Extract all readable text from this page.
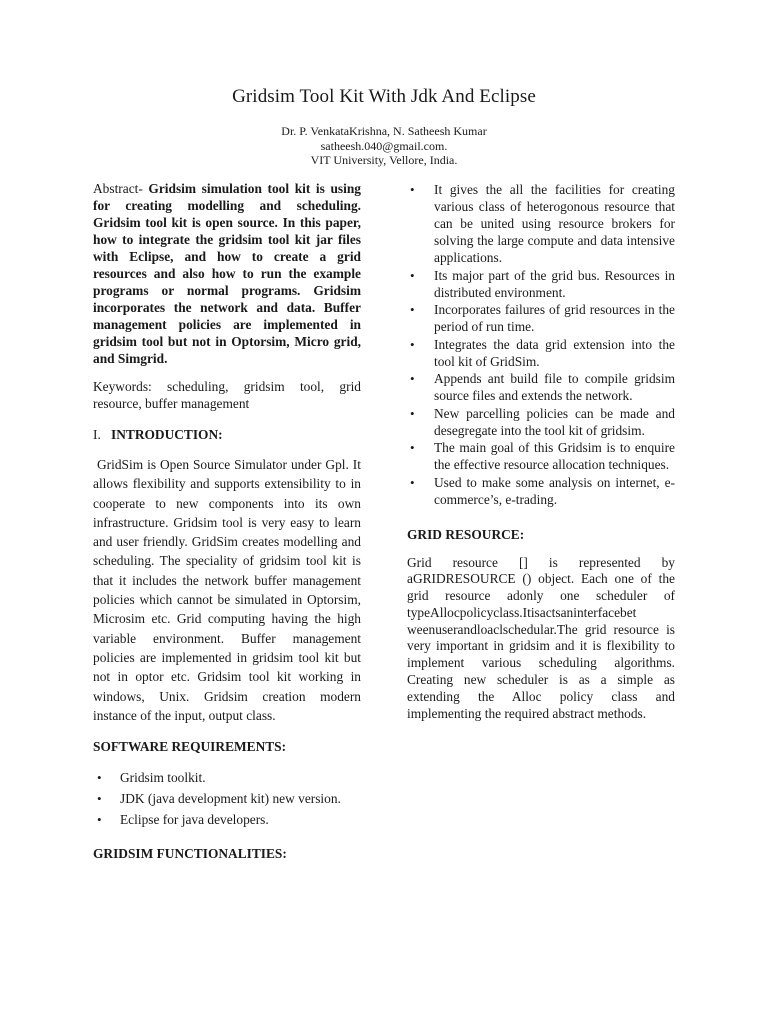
Gridsim Tool Kit With Jdk And Eclipse
Dr. P. VenkataKrishna, N. Satheesh Kumar
satheesh.040@gmail.com.
VIT University, Vellore, India.

Abstract- Gridsim simulation tool kit is using for creating modelling and scheduling. Gridsim tool kit is open source. In this paper, how to integrate the gridsim tool kit jar files with Eclipse, and how to create a grid resources and also how to run the example programs or normal programs. Gridsim incorporates the network and data. Buffer management policies are implemented in gridsim tool but not in Optorsim, Micro grid, and Simgrid.

Keywords: scheduling, gridsim tool, grid resource, buffer management

I. INTRODUCTION:

GridSim is Open Source Simulator under Gpl. It allows flexibility and supports extensibility to in cooperate to new components into its own infrastructure. Gridsim tool is very easy to learn and user friendly. GridSim creates modelling and scheduling. The speciality of gridsim tool kit is that it includes the network buffer management policies which cannot be simulated in Optorsim, Microsim etc. Grid computing having the high variable environment. Buffer management policies are implemented in gridsim tool kit but not in optor etc. Gridsim tool kit working in windows, Unix. Gridsim creation modern instance of the input, output class.

SOFTWARE REQUIREMENTS:
• Gridsim toolkit.
• JDK (java development kit) new version.
• Eclipse for java developers.
GRIDSIM FUNCTIONALITIES:
• It gives the all the facilities for creating various class of heterogonous resource that can be united using resource brokers for solving the large compute and data intensive applications.
• Its major part of the grid bus. Resources in distributed environment.
• Incorporates failures of grid resources in the period of run time.
• Integrates the data grid extension into the tool kit of GridSim.
• Appends ant build file to compile gridsim source files and extends the network.
• New parcelling policies can be made and desegregate into the tool kit of gridsim.
• The main goal of this Gridsim is to enquire the effective resource allocation techniques.
• Used to make some analysis on internet, e-commerce’s, e-trading.
GRID RESOURCE:

Grid resource [] is represented by aGRIDRESOURCE () object. Each one of the grid resource adonly one scheduler of typeAllocpolicyclass.Itisactsaninterfacebet weenuserandloaclschedular.The grid resource is very important in gridsim and it is flexibility to implement various scheduling algorithms. Creating new scheduler is as a simple as extending the Alloc policy class and implementing the required abstract methods.
